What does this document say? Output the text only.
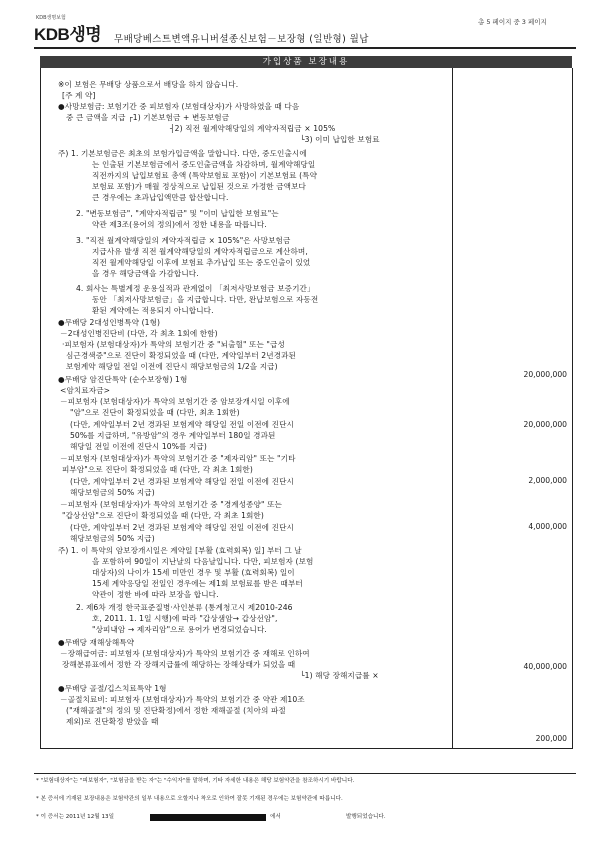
KDB생명보험
KDB생명 무배당베스트변액유니버셜종신보험－보장형 (일반형) 월납
총 5 페이지 중 3 페이지
가입상품 보장내용
※이 보험은 무배당 상품으로서 배당을 하지 않습니다.
[주 계 약]
●사망보험금: 보험기간 중 피보험자 (보험대상자)가 사망하였을 때 다음
중 큰 금액을 지급 ┌1) 기본보험금 + 변동보험금
┤2) 직전 월계약해당일의 계약자적립금 × 105%
└3) 이미 납입한 보험료
주) 1. 기본보험금은 최초의 보험가입금액을 말합니다. 다만, 중도인출시에
는 인출된 기본보험금에서 중도인출금액을 차감하며, 월계약해당일
직전까지의 납입보험료 총액 (특약보험료 포함)이 기본보험료 (특약
보험료 포함)가 매월 정상적으로 납입된 것으로 가정한 금액보다
큰 경우에는 초과납입액만큼 합산합니다.
2. "변동보험금", "계약자적립금" 및 "이미 납입한 보험료"는
약관 제3조(용어의 정의)에서 정한 내용을 따릅니다.
3. "직전 월계약해당일의 계약자적립금 × 105%"은 사망보험금
지급사유 발생 직전 월계약해당일의 계약자적립금으로 계산하며,
직전 월계약해당일 이후에 보험료 추가납입 또는 중도인출이 있었
을 경우 해당금액을 가감합니다.
4. 회사는 특별계정 운용실적과 관계없이 「최저사망보험금 보증기간」
동안 「최저사망보험금」을 지급합니다. 다만, 완납보험으로 자동전
환된 계약에는 적용되지 아니합니다.
●무배당 2대성인병특약 (1형)
－2대성인병진단비 (다만, 각 최초 1회에 한함)
·피보험자 (보험대상자)가 특약의 보험기간 중 "뇌출혈" 또는 "급성
심근경색증"으로 진단이 확정되었을 때 (다만, 계약일부터 2년경과된
보험계약 해당일 전일 이전에 진단시 해당보험금의 1/2을 지급)
●무배당 암진단특약 (순수보장형) 1형
<암치료자금>
－피보험자 (보험대상자)가 특약의 보험기간 중 암보장개시일 이후에
"암"으로 진단이 확정되었을 때 (다만, 최초 1회한)
(다만, 계약일부터 2년 경과된 보험계약 해당일 전일 이전에 진단시
50%를 지급하며, "유방암"의 경우 계약일부터 180일 경과된
해당일 전일 이전에 진단시 10%를 지급)
－피보험자 (보험대상자)가 특약의 보험기간 중 "제자리암" 또는 "기타
피부암"으로 진단이 확정되었을 때 (다만, 각 최초 1회한)
(다만, 계약일부터 2년 경과된 보험계약 해당일 전일 이전에 진단시
해당보험금의 50% 지급)
－피보험자 (보험대상자)가 특약의 보험기간 중 "경계성종양" 또는
"갑상선암"으로 진단이 확정되었을 때 (다만, 각 최초 1회한)
(다만, 계약일부터 2년 경과된 보험계약 해당일 전일 이전에 진단시
해당보험금의 50% 지급)
주) 1. 이 특약의 암보장개시일은 계약일 [부활 (효력회복) 일] 부터 그 날
을 포함하여 90일이 지난날의 다음날입니다. 다만, 피보험자 (보험
대상자)의 나이가 15세 미만인 경우 및 부활 (효력회복) 일이
15세 계약응당일 전일인 경우에는 제1회 보험료를 받은 때부터
약관이 정한 바에 따라 보장을 합니다.
2. 제6차 개정 한국표준질병·사인분류 (통계청고시 제2010-246
호, 2011. 1. 1일 시행)에 따라 "갑상샘암→ 갑상선암",
"상피내암 → 제자리암"으로 용어가 변경되었습니다.
●무배당 재해상해특약
－장해급여금: 피보험자 (보험대상자)가 특약의 보험기간 중 재해로 인하여
장해분류표에서 정한 각 장해지급률에 해당하는 장해상태가 되었을 때
└1) 해당 장해지급률 ×
●무배당 골절/깁스치료특약 1형
－골절치료비: 피보험자 (보험대상자)가 특약의 보험기간 중 약관 제10조
("재해골절"의 정의 및 진단확정)에서 정한 재해골절 (치아의 파절
제외)로 진단확정 받았을 때
20,000,000
20,000,000
2,000,000
4,000,000
40,000,000
200,000
* "보험대상자"는 "피보험자", "보험금을 받는 자"는 "수익자"를 말하며, 기타 자세한 내용은 해당 보험약관을 참조하시기 바랍니다.
* 본 증서에 기재된 보장내용은 보험약관의 일부 내용으로 오할지나 착오로 인하여 잘못 기재된 경우에는 보험약관에 따릅니다.
* 이 증서는 2011년 12월 13일	에서	발행되었습니다.
